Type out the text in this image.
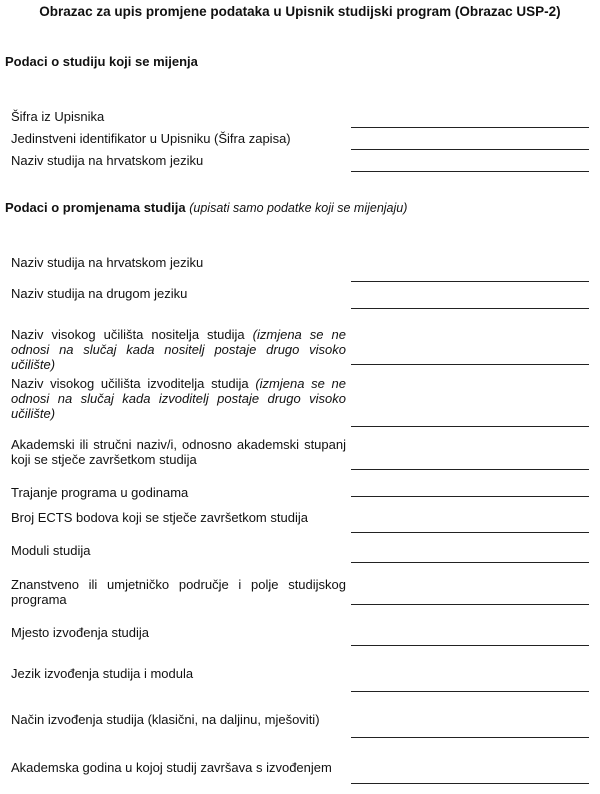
Obrazac za upis promjene podataka u Upisnik studijski program (Obrazac USP-2)
Podaci o studiju koji se mijenja
Šifra iz Upisnika
Jedinstveni identifikator u Upisniku (Šifra zapisa)
Naziv studija na hrvatskom jeziku
Podaci o promjenama studija (upisati samo podatke koji se mijenjaju)
Naziv studija na hrvatskom jeziku
Naziv studija na drugom jeziku
Naziv visokog učilišta nositelja studija (izmjena se ne odnosi na slučaj kada nositelj postaje drugo visoko učilište)
Naziv visokog učilišta izvoditelja studija (izmjena se ne odnosi na slučaj kada izvoditelj postaje drugo visoko učilište)
Akademski ili stručni naziv/i, odnosno akademski stupanj koji se stječe završetkom studija
Trajanje programa u godinama
Broj ECTS bodova koji se stječe završetkom studija
Moduli studija
Znanstveno ili umjetničko područje i polje studijskog programa
Mjesto izvođenja studija
Jezik izvođenja studija i modula
Način izvođenja studija (klasični, na daljinu, mješoviti)
Akademska godina u kojoj studij završava s izvođenjem
